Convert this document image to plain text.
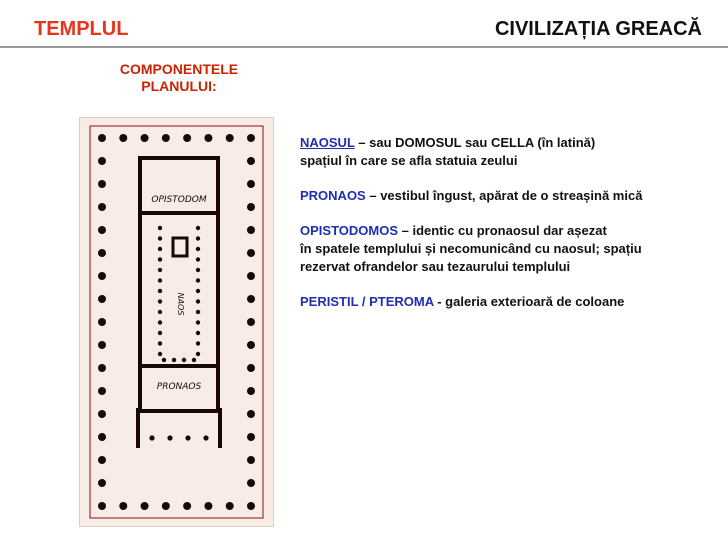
TEMPLUL	CIVILIZAȚIA GREACĂ
COMPONENTELE
PLANULUI:
OPISTODOM
NAOS
PRONAOS
NAOSUL – sau DOMOSUL sau CELLA (în latină)
spațiul în care se afla statuia zeului
PRONAOS – vestibul îngust, apărat de o streașină mică
OPISTODOMOS – identic cu pronaosul dar așezat
în spatele templului și necomunicând cu naosul; spațiu
rezervat ofrandelor sau tezaurului templului
PERISTIL / PTEROMA - galeria exterioară de coloane
